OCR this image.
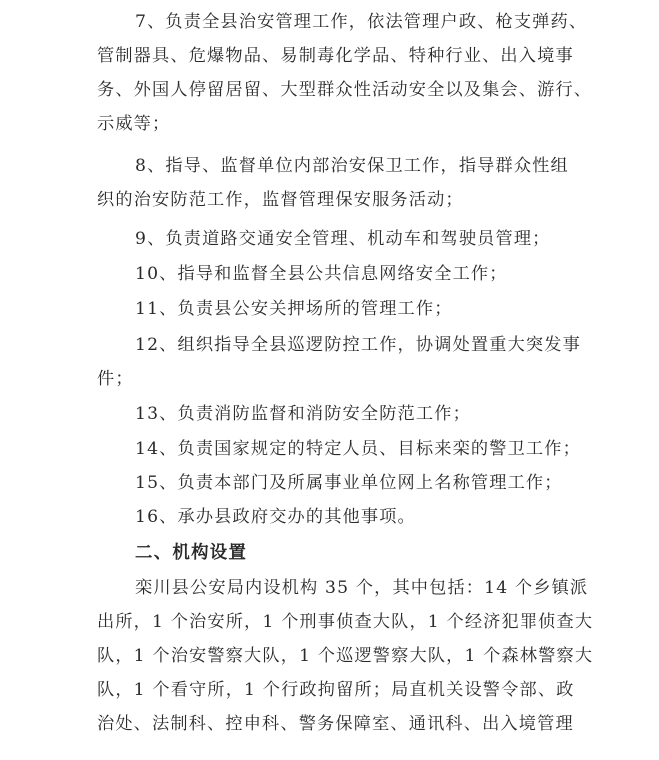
7、负责全县治安管理工作，依法管理户政、枪支弹药、
管制器具、危爆物品、易制毒化学品、特种行业、出入境事
务、外国人停留居留、大型群众性活动安全以及集会、游行、
示威等；
8、指导、监督单位内部治安保卫工作，指导群众性组
织的治安防范工作，监督管理保安服务活动；
9、负责道路交通安全管理、机动车和驾驶员管理；
10、指导和监督全县公共信息网络安全工作；
11、负责县公安关押场所的管理工作；
12、组织指导全县巡逻防控工作，协调处置重大突发事
件；
13、负责消防监督和消防安全防范工作；
14、负责国家规定的特定人员、目标来栾的警卫工作；
15、负责本部门及所属事业单位网上名称管理工作；
16、承办县政府交办的其他事项。
二、机构设置
栾川县公安局内设机构 35 个，其中包括：14 个乡镇派
出所，1 个治安所，1 个刑事侦查大队，1 个经济犯罪侦查大
队，1 个治安警察大队，1 个巡逻警察大队，1 个森林警察大
队，1 个看守所，1 个行政拘留所；局直机关设警令部、政
治处、法制科、控申科、警务保障室、通讯科、出入境管理
